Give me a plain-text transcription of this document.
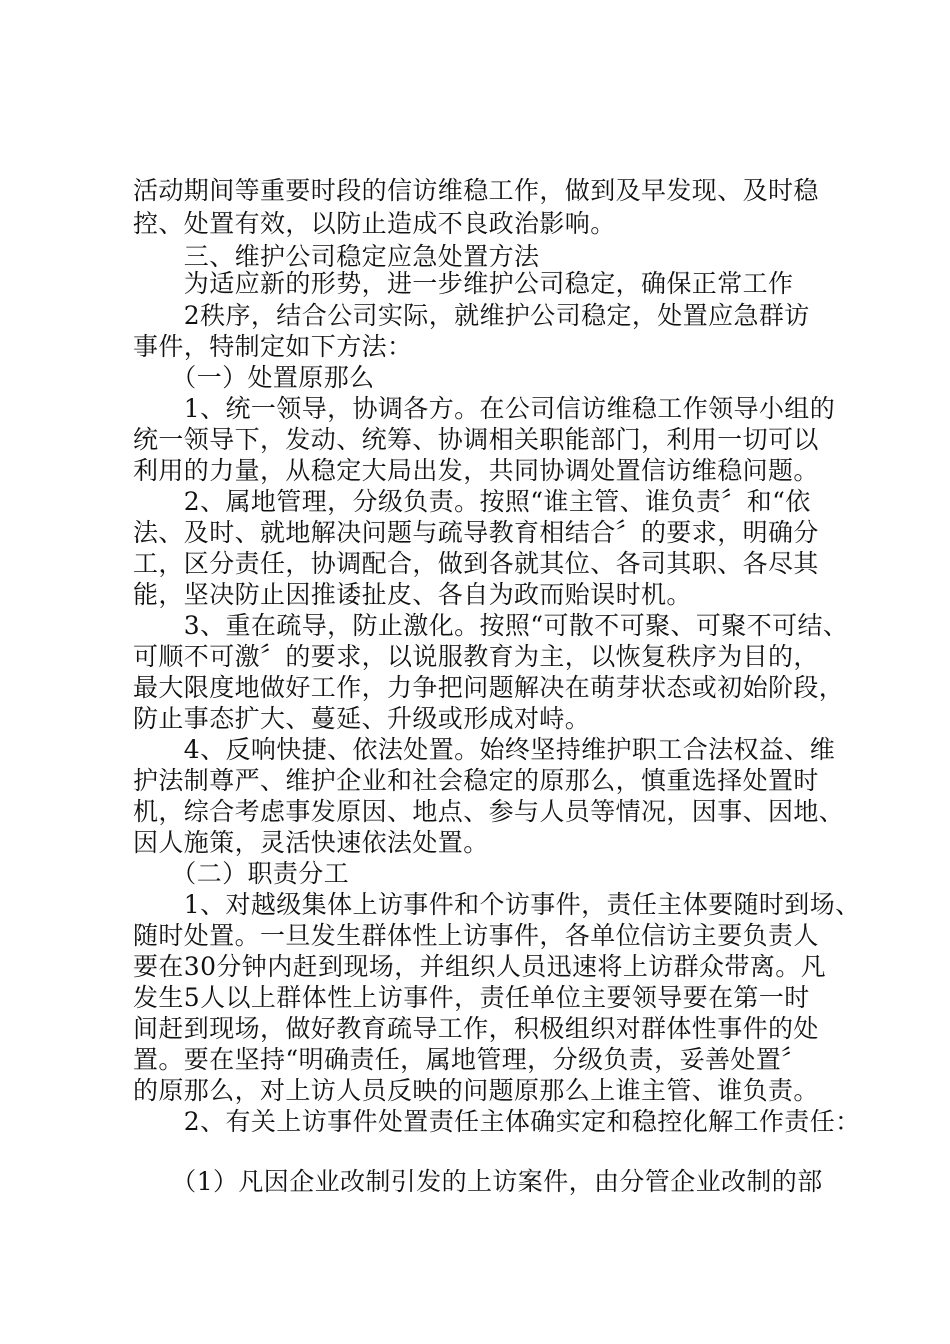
活动期间等重要时段的信访维稳工作，做到及早发现、及时稳
控、处置有效，以防止造成不良政治影响。
　　三、维护公司稳定应急处置方法
　　为适应新的形势，进一步维护公司稳定，确保正常工作
　　2秩序，结合公司实际，就维护公司稳定，处置应急群访
事件，特制定如下方法：
　　（一）处置原那么
　　1、统一领导，协调各方。在公司信访维稳工作领导小组的
统一领导下，发动、统筹、协调相关职能部门，利用一切可以
利用的力量，从稳定大局出发，共同协调处置信访维稳问题。
　　2、属地管理，分级负责。按照“谁主管、谁负责〞和“依
法、及时、就地解决问题与疏导教育相结合〞的要求，明确分
工，区分责任，协调配合，做到各就其位、各司其职、各尽其
能，坚决防止因推诿扯皮、各自为政而贻误时机。
　　3、重在疏导，防止激化。按照“可散不可聚、可聚不可结、
可顺不可激〞的要求，以说服教育为主，以恢复秩序为目的，
最大限度地做好工作，力争把问题解决在萌芽状态或初始阶段，
防止事态扩大、蔓延、升级或形成对峙。
　　4、反响快捷、依法处置。始终坚持维护职工合法权益、维
护法制尊严、维护企业和社会稳定的原那么，慎重选择处置时
机，综合考虑事发原因、地点、参与人员等情况，因事、因地、
因人施策，灵活快速依法处置。
　　（二）职责分工
　　1、对越级集体上访事件和个访事件，责任主体要随时到场、
随时处置。一旦发生群体性上访事件，各单位信访主要负责人
要在30分钟内赶到现场，并组织人员迅速将上访群众带离。凡
发生5人以上群体性上访事件，责任单位主要领导要在第一时
间赶到现场，做好教育疏导工作，积极组织对群体性事件的处
置。要在坚持“明确责任，属地管理，分级负责，妥善处置〞
的原那么，对上访人员反映的问题原那么上谁主管、谁负责。
　　2、有关上访事件处置责任主体确实定和稳控化解工作责任：
　　（1）凡因企业改制引发的上访案件，由分管企业改制的部
